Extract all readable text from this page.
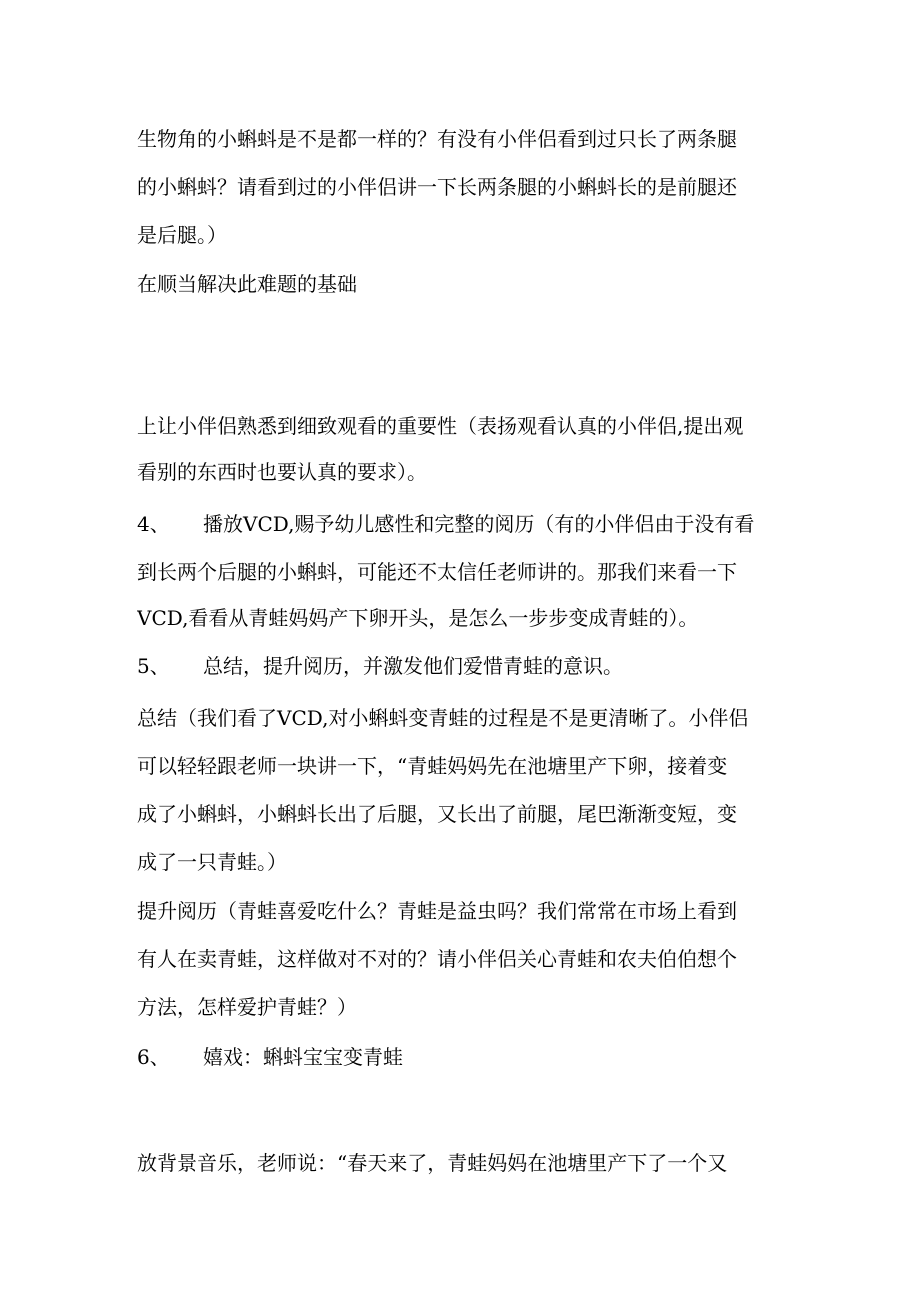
生物角的小蝌蚪是不是都一样的？有没有小伴侣看到过只长了两条腿
的小蝌蚪？请看到过的小伴侣讲一下长两条腿的小蝌蚪长的是前腿还
是后腿。）
在顺当解决此难题的基础
上让小伴侣熟悉到细致观看的重要性（表扬观看认真的小伴侣,提出观
看别的东西时也要认真的要求）。
4、 播放VCD,赐予幼儿感性和完整的阅历（有的小伴侣由于没有看
到长两个后腿的小蝌蚪，可能还不太信任老师讲的。那我们来看一下
VCD,看看从青蛙妈妈产下卵开头，是怎么一步步变成青蛙的）。
5、 总结，提升阅历，并激发他们爱惜青蛙的意识。
总结（我们看了VCD,对小蝌蚪变青蛙的过程是不是更清晰了。小伴侣
可以轻轻跟老师一块讲一下，“青蛙妈妈先在池塘里产下卵，接着变
成了小蝌蚪，小蝌蚪长出了后腿，又长出了前腿，尾巴渐渐变短，变
成了一只青蛙。）
提升阅历（青蛙喜爱吃什么？青蛙是益虫吗？我们常常在市场上看到
有人在卖青蛙，这样做对不对的？请小伴侣关心青蛙和农夫伯伯想个
方法，怎样爱护青蛙？）
6、 嬉戏：蝌蚪宝宝变青蛙
放背景音乐，老师说：“春天来了，青蛙妈妈在池塘里产下了一个又
